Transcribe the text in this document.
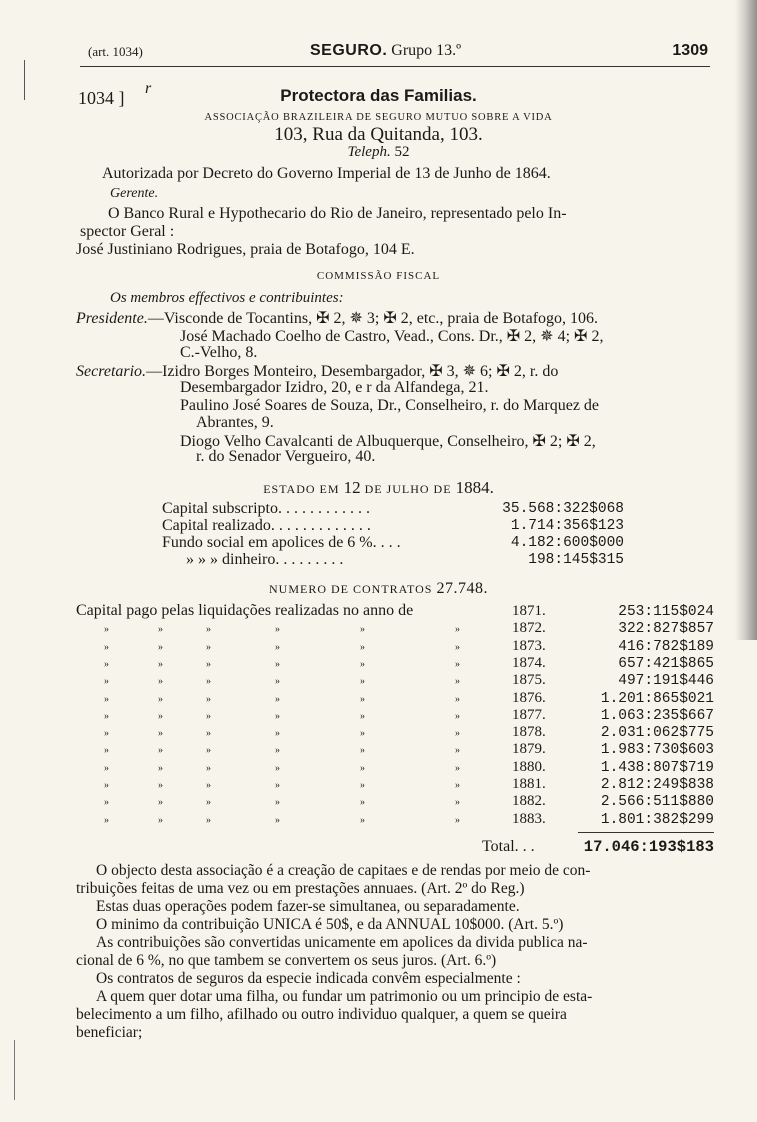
(art. 1034)	SEGURO. Grupo 13.º	1309
1034 ] r	Protectora das Familias.
ASSOCIAÇÃO BRAZILEIRA DE SEGURO MUTUO SOBRE A VIDA
103, Rua da Quitanda, 103.
Teleph. 52
Autorizada por Decreto do Governo Imperial de 13 de Junho de 1864.
Gerente.
O Banco Rural e Hypothecario do Rio de Janeiro, representado pelo In-
spector Geral :
José Justiniano Rodrigues, praia de Botafogo, 104 E.
COMMISSÃO FISCAL
Os membros effectivos e contribuintes:
Presidente.—Visconde de Tocantins, ✠ 2, ✵ 3; ✠ 2, etc., praia de Botafogo, 106.
José Machado Coelho de Castro, Vead., Cons. Dr., ✠ 2, ✵ 4; ✠ 2,
C.-Velho, 8.
Secretario.—Izidro Borges Monteiro, Desembargador, ✠ 3, ✵ 6; ✠ 2, r. do
Desembargador Izidro, 20, e r da Alfandega, 21.
Paulino José Soares de Souza, Dr., Conselheiro, r. do Marquez de
Abrantes, 9.
Diogo Velho Cavalcanti de Albuquerque, Conselheiro, ✠ 2; ✠ 2,
r. do Senador Vergueiro, 40.
ESTADO EM 12 DE JULHO DE 1884.
Capital subscripto. . . . . . . . . . . .	35.568:322$068
Capital realizado. . . . . . . . . . . . .	1.714:356$123
Fundo social em apolices de 6 %. . . .	4.182:600$000
» » » dinheiro. . . . . . . . .	198:145$315
NUMERO DE CONTRATOS 27.748.
Capital pago pelas liquidações realizadas no anno de	1871.	253:115$024
»	»	»	»	»	»	1872.	322:827$857
»	»	»	»	»	»	1873.	416:782$189
»	»	»	»	»	»	1874.	657:421$865
»	»	»	»	»	»	1875.	497:191$446
»	»	»	»	»	»	1876.	1.201:865$021
»	»	»	»	»	»	1877.	1.063:235$667
»	»	»	»	»	»	1878.	2.031:062$775
»	»	»	»	»	»	1879.	1.983:730$603
»	»	»	»	»	»	1880.	1.438:807$719
»	»	»	»	»	»	1881.	2.812:249$838
»	»	»	»	»	»	1882.	2.566:511$880
»	»	»	»	»	»	1883.	1.801:382$299
Total. . .	17.046:193$183
O objecto desta associação é a creação de capitaes e de rendas por meio de con-
tribuições feitas de uma vez ou em prestações annuaes. (Art. 2º do Reg.)
Estas duas operações podem fazer-se simultanea, ou separadamente.
O minimo da contribuição UNICA é 50$, e da ANNUAL 10$000. (Art. 5.º)
As contribuições são convertidas unicamente em apolices da divida publica na-
cional de 6 %, no que tambem se convertem os seus juros. (Art. 6.º)
Os contratos de seguros da especie indicada convêm especialmente :
A quem quer dotar uma filha, ou fundar um patrimonio ou um principio de esta-
belecimento a um filho, afilhado ou outro individuo qualquer, a quem se queira
beneficiar;
